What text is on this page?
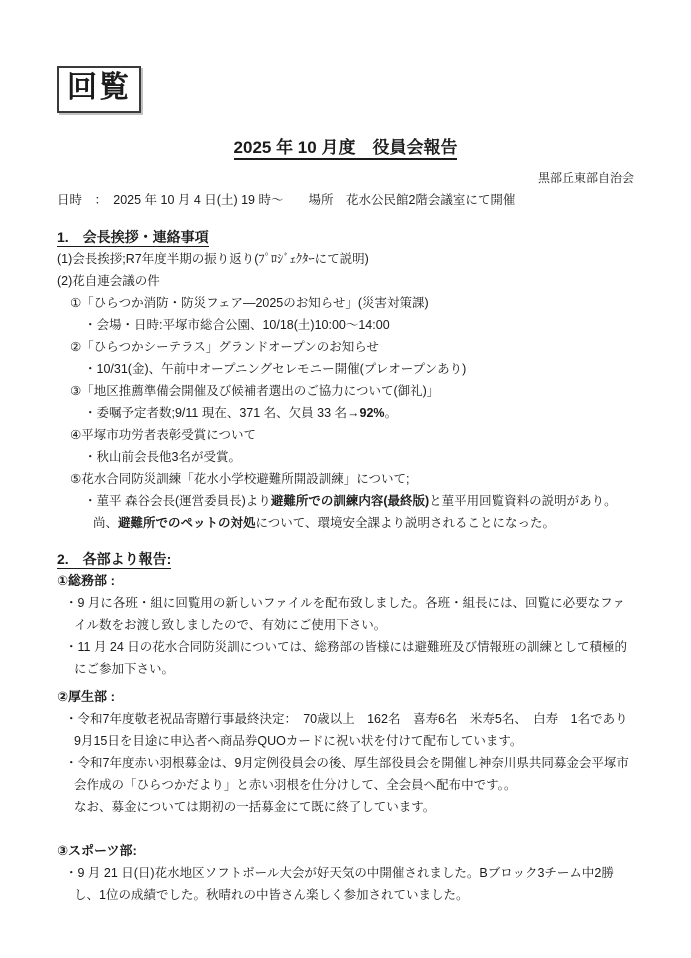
回覧
2025 年 10 月度　役員会報告
黒部丘東部自治会
日時　：　2025 年 10 月 4 日(土) 19 時～　　場所　花水公民館2階会議室にて開催
1.　会長挨拶・連絡事項
(1)会長挨拶;R7年度半期の振り返り(ﾌﾟﾛｼﾞｪｸﾀｰにて説明)
(2)花自連会議の件
①「ひらつか消防・防災フェア―2025のお知らせ」(災害対策課)
・会場・日時:平塚市総合公園、10/18(土)10:00～14:00
②「ひらつかシーテラス」グランドオープンのお知らせ
・10/31(金)、午前中オープニングセレモニー開催(プレオープンあり)
③「地区推薦準備会開催及び候補者選出のご協力について(御礼)」
・委嘱予定者数;9/11 現在、371 名、欠員 33 名→92%。
④平塚市功労者表彰受賞について
・秋山前会長他3名が受賞。
⑤花水合同防災訓練「花水小学校避難所開設訓練」について;
・菫平 森谷会長(運営委員長)より避難所での訓練内容(最終版)と菫平用回覧資料の説明があり。尚、避難所でのペットの対処について、環境安全課より説明されることになった。
2.　各部より報告:
①総務部 :
・9 月に各班・組に回覧用の新しいファイルを配布致しました。各班・組長には、回覧に必要なファイル数をお渡し致しましたので、有効にご使用下さい。
・11 月 24 日の花水合同防災訓については、総務部の皆様には避難班及び情報班の訓練として積極的にご参加下さい。
②厚生部 :
・令和7年度敬老祝品寄贈行事最終決定：　70歳以上　162名　喜寿6名　米寿5名、　白寿　1名であり9月15日を目途に申込者へ商品券QUOカードに祝い状を付けて配布しています。
・令和7年度赤い羽根募金は、9月定例役員会の後、厚生部役員会を開催し神奈川県共同募金会平塚市会作成の「ひらつかだより」と赤い羽根を仕分けして、全会員へ配布中です。。
なお、募金については期初の一括募金にて既に終了しています。
③スポーツ部:
・9 月 21 日(日)花水地区ソフトボール大会が好天気の中開催されました。Bブロック3チーム中2勝し、1位の成績でした。秋晴れの中皆さん楽しく参加されていました。
